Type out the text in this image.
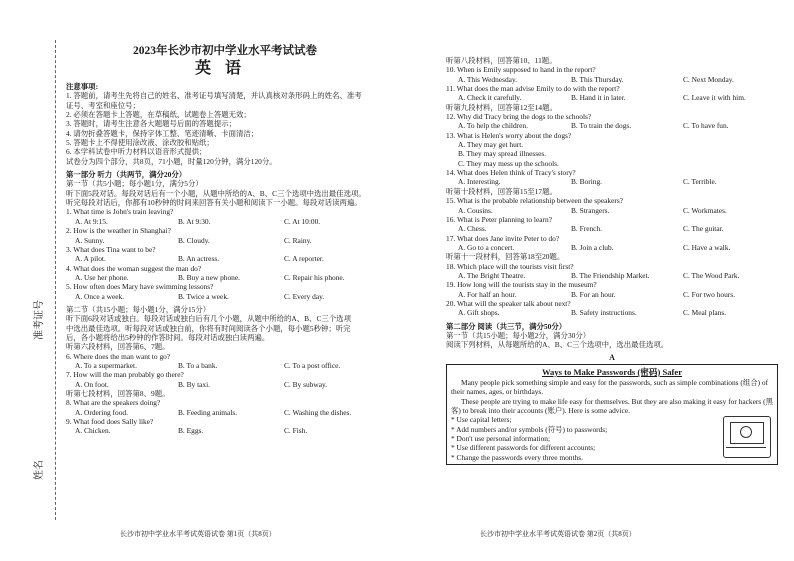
准考证号
姓名
2023年长沙市初中学业水平考试试卷
英语
注意事项:
1. 答题前，请考生先将自己的姓名、准考证号填写清楚，并认真核对条形码上的姓名、准考
证号、考室和座位号；
2. 必须在答题卡上答题，在草稿纸、试题卷上答题无效；
3. 答题时，请考生注意各大题题号后面的答题提示；
4. 请勿折叠答题卡，保持字体工整、笔迹清晰、卡面清洁；
5. 答题卡上不得使用涂改液、涂改胶和贴纸；
6. 本学科试卷中听力材料以语音形式提供；
试卷分为四个部分，共8页，71小题，时量120分钟，满分120分。
第一部分 听力（共两节，满分20分）
第一节（共5小题；每小题1分，满分5分）
听下面5段对话。每段对话后有一个小题，从题中所给的A、B、C三个选项中选出最佳选项。
听完每段对话后，你都有10秒钟的时间来回答有关小题和阅读下一小题。每段对话读两遍。
1. What time is John's train leaving?
A. At 9:15.	B. At 9:30.	C. At 10:00.
2. How is the weather in Shanghai?
A. Sunny.	B. Cloudy.	C. Rainy.
3. What does Tina want to be?
A. A pilot.	B. An actress.	C. A reporter.
4. What does the woman suggest the man do?
A. Use her phone.	B. Buy a new phone.	C. Repair his phone.
5. How often does Mary have swimming lessons?
A. Once a week.	B. Twice a week.	C. Every day.
第二节（共15小题；每小题1分，满分15分）
听下面6段对话或独白。每段对话或独白后有几个小题，从题中所给的A、B、C三个选项
中选出最佳选项。听每段对话或独白前，你将有时间阅读各个小题，每小题5秒钟；听完
后，各小题将给出5秒钟的作答时间。每段对话或独白读两遍。
听第六段材料，回答第6、7题。
6. Where does the man want to go?
A. To a supermarket.	B. To a bank.	C. To a post office.
7. How will the man probably go there?
A. On foot.	B. By taxi.	C. By subway.
听第七段材料，回答第8、9题。
8. What are the speakers doing?
A. Ordering food.	B. Feeding animals.	C. Washing the dishes.
9. What food does Sally like?
A. Chicken.	B. Eggs.	C. Fish.
长沙市初中学业水平考试英语试卷 第1页（共8页）
听第八段材料，回答第10、11题。
10. When is Emily supposed to hand in the report?
A. This Wednesday.	B. This Thursday.	C. Next Monday.
11. What does the man advise Emily to do with the report?
A. Check it carefully.	B. Hand it in later.	C. Leave it with him.
听第九段材料，回答第12至14题。
12. Why did Tracy bring the dogs to the schools?
A. To help the children.	B. To train the dogs.	C. To have fun.
13. What is Helen's worry about the dogs?
A. They may get hurt.
B. They may spread illnesses.
C. They may mess up the schools.
14. What does Helen think of Tracy's story?
A. Interesting.	B. Boring.	C. Terrible.
听第十段材料，回答第15至17题。
15. What is the probable relationship between the speakers?
A. Cousins.	B. Strangers.	C. Workmates.
16. What is Peter planning to learn?
A. Chess.	B. French.	C. The guitar.
17. What does Jane invite Peter to do?
A. Go to a concert.	B. Join a club.	C. Have a walk.
听第十一段材料，回答第18至20题。
18. Which place will the tourists visit first?
A. The Bright Theatre.	B. The Friendship Market.	C. The Wood Park.
19. How long will the tourists stay in the museum?
A. For half an hour.	B. For an hour.	C. For two hours.
20. What will the speaker talk about next?
A. Gift shops.	B. Safety instructions.	C. Meal plans.
第二部分 阅读（共三节，满分50分）
第一节（共15小题；每小题2分，满分30分）
阅读下列材料，从每题所给的A、B、C三个选项中，选出最佳选项。
A
Ways to Make Passwords (密码) Safer
Many people pick something simple and easy for the passwords, such as simple combinations (组合) of their names, ages, or birthdays.
These people are trying to make life easy for themselves. But they are also making it easy for hackers (黑客) to break into their accounts (账户). Here is some advice.
* Use capital letters;
* Add numbers and/or symbols (符号) to passwords;
* Don't use personal information;
* Use different passwords for different accounts;
* Change the passwords every three months.
长沙市初中学业水平考试英语试卷 第2页（共8页）
